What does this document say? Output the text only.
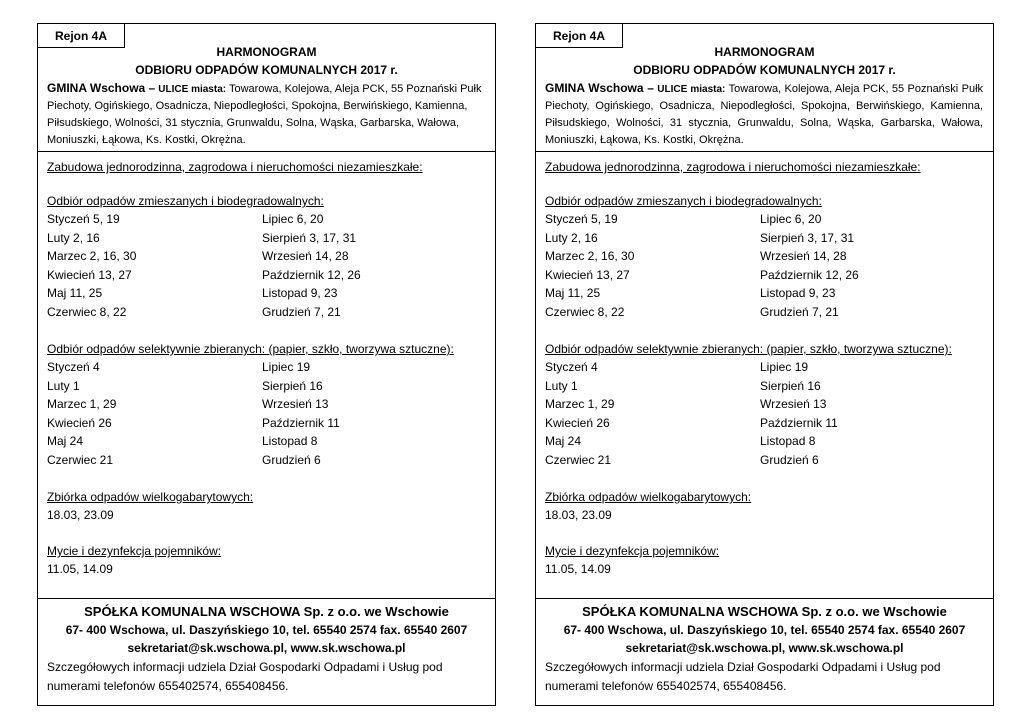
HARMONOGRAM
ODBIORU ODPADÓW KOMUNALNYCH 2017 r.
GMINA Wschowa – ULICE miasta: Towarowa, Kolejowa, Aleja PCK, 55 Poznański Pułk Piechoty, Ogińskiego, Osadnicza, Niepodległości, Spokojna, Berwińskiego, Kamienna, Piłsudskiego, Wolności, 31 stycznia, Grunwaldu, Solna, Wąska, Garbarska, Wałowa, Moniuszki, Łąkowa, Ks. Kostki, Okrężna.
Rejon 4A
Zabudowa jednorodzinna, zagrodowa i nieruchomości niezamieszkałe:
Odbiór odpadów zmieszanych i biodegradowalnych:
Styczeń 5, 19
Luty 2, 16
Marzec 2, 16, 30
Kwiecień 13, 27
Maj 11, 25
Czerwiec 8, 22
Lipiec 6, 20
Sierpień 3, 17, 31
Wrzesień 14, 28
Październik 12, 26
Listopad 9, 23
Grudzień 7, 21
Odbiór odpadów selektywnie zbieranych: (papier, szkło, tworzywa sztuczne):
Styczeń 4
Luty 1
Marzec 1, 29
Kwiecień 26
Maj 24
Czerwiec 21
Lipiec 19
Sierpień 16
Wrzesień 13
Październik 11
Listopad 8
Grudzień 6
Zbiórka odpadów wielkogabarytowych:
18.03, 23.09
Mycie i dezynfekcja pojemników:
11.05, 14.09
SPÓŁKA KOMUNALNA WSCHOWA Sp. z o.o. we Wschowie
67- 400 Wschowa, ul. Daszyńskiego 10, tel. 65540 2574 fax. 65540 2607
sekretariat@sk.wschowa.pl, www.sk.wschowa.pl
Szczegółowych informacji udziela Dział Gospodarki Odpadami i Usług pod numerami telefonów 655402574, 655408456.
HARMONOGRAM
ODBIORU ODPADÓW KOMUNALNYCH 2017 r.
GMINA Wschowa – ULICE miasta: Towarowa, Kolejowa, Aleja PCK, 55 Poznański Pułk Piechoty, Ogińskiego, Osadnicza, Niepodległości, Spokojna, Berwińskiego, Kamienna, Piłsudskiego, Wolności, 31 stycznia, Grunwaldu, Solna, Wąska, Garbarska, Wałowa, Moniuszki, Łąkowa, Ks. Kostki, Okrężna.
Rejon 4A
Zabudowa jednorodzinna, zagrodowa i nieruchomości niezamieszkałe:
Odbiór odpadów zmieszanych i biodegradowalnych:
Styczeń 5, 19
Luty 2, 16
Marzec 2, 16, 30
Kwiecień 13, 27
Maj 11, 25
Czerwiec 8, 22
Lipiec 6, 20
Sierpień 3, 17, 31
Wrzesień 14, 28
Październik 12, 26
Listopad 9, 23
Grudzień 7, 21
Odbiór odpadów selektywnie zbieranych: (papier, szkło, tworzywa sztuczne):
Styczeń 4
Luty 1
Marzec 1, 29
Kwiecień 26
Maj 24
Czerwiec 21
Lipiec 19
Sierpień 16
Wrzesień 13
Październik 11
Listopad 8
Grudzień 6
Zbiórka odpadów wielkogabarytowych:
18.03, 23.09
Mycie i dezynfekcja pojemników:
11.05, 14.09
SPÓŁKA KOMUNALNA WSCHOWA Sp. z o.o. we Wschowie
67- 400 Wschowa, ul. Daszyńskiego 10, tel. 65540 2574 fax. 65540 2607
sekretariat@sk.wschowa.pl, www.sk.wschowa.pl
Szczegółowych informacji udziela Dział Gospodarki Odpadami i Usług pod numerami telefonów 655402574, 655408456.
